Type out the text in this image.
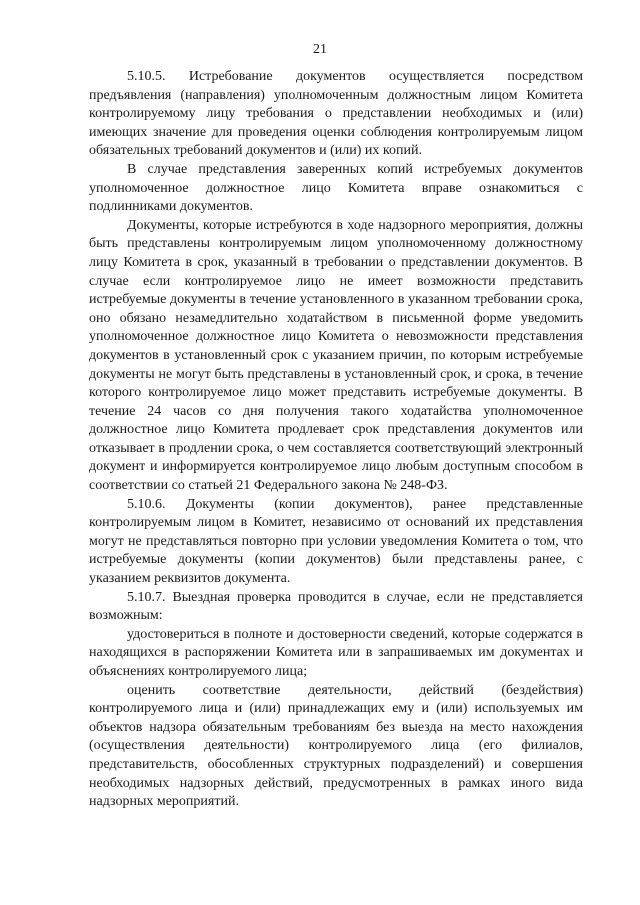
21

5.10.5. Истребование документов осуществляется посредством предъявления (направления) уполномоченным должностным лицом Комитета контролируемому лицу требования о представлении необходимых и (или) имеющих значение для проведения оценки соблюдения контролируемым лицом обязательных требований документов и (или) их копий.

В случае представления заверенных копий истребуемых документов уполномоченное должностное лицо Комитета вправе ознакомиться с подлинниками документов.

Документы, которые истребуются в ходе надзорного мероприятия, должны быть представлены контролируемым лицом уполномоченному должностному лицу Комитета в срок, указанный в требовании о представлении документов. В случае если контролируемое лицо не имеет возможности представить истребуемые документы в течение установленного в указанном требовании срока, оно обязано незамедлительно ходатайством в письменной форме уведомить уполномоченное должностное лицо Комитета о невозможности представления документов в установленный срок с указанием причин, по которым истребуемые документы не могут быть представлены в установленный срок, и срока, в течение которого контролируемое лицо может представить истребуемые документы. В течение 24 часов со дня получения такого ходатайства уполномоченное должностное лицо Комитета продлевает срок представления документов или отказывает в продлении срока, о чем составляется соответствующий электронный документ и информируется контролируемое лицо любым доступным способом в соответствии со статьей 21 Федерального закона № 248-ФЗ.

5.10.6. Документы (копии документов), ранее представленные контролируемым лицом в Комитет, независимо от оснований их представления могут не представляться повторно при условии уведомления Комитета о том, что истребуемые документы (копии документов) были представлены ранее, с указанием реквизитов документа.

5.10.7. Выездная проверка проводится в случае, если не представляется возможным:

удостовериться в полноте и достоверности сведений, которые содержатся в находящихся в распоряжении Комитета или в запрашиваемых им документах и объяснениях контролируемого лица;

оценить соответствие деятельности, действий (бездействия) контролируемого лица и (или) принадлежащих ему и (или) используемых им объектов надзора обязательным требованиям без выезда на место нахождения (осуществления деятельности) контролируемого лица (его филиалов, представительств, обособленных структурных подразделений) и совершения необходимых надзорных действий, предусмотренных в рамках иного вида надзорных мероприятий.
